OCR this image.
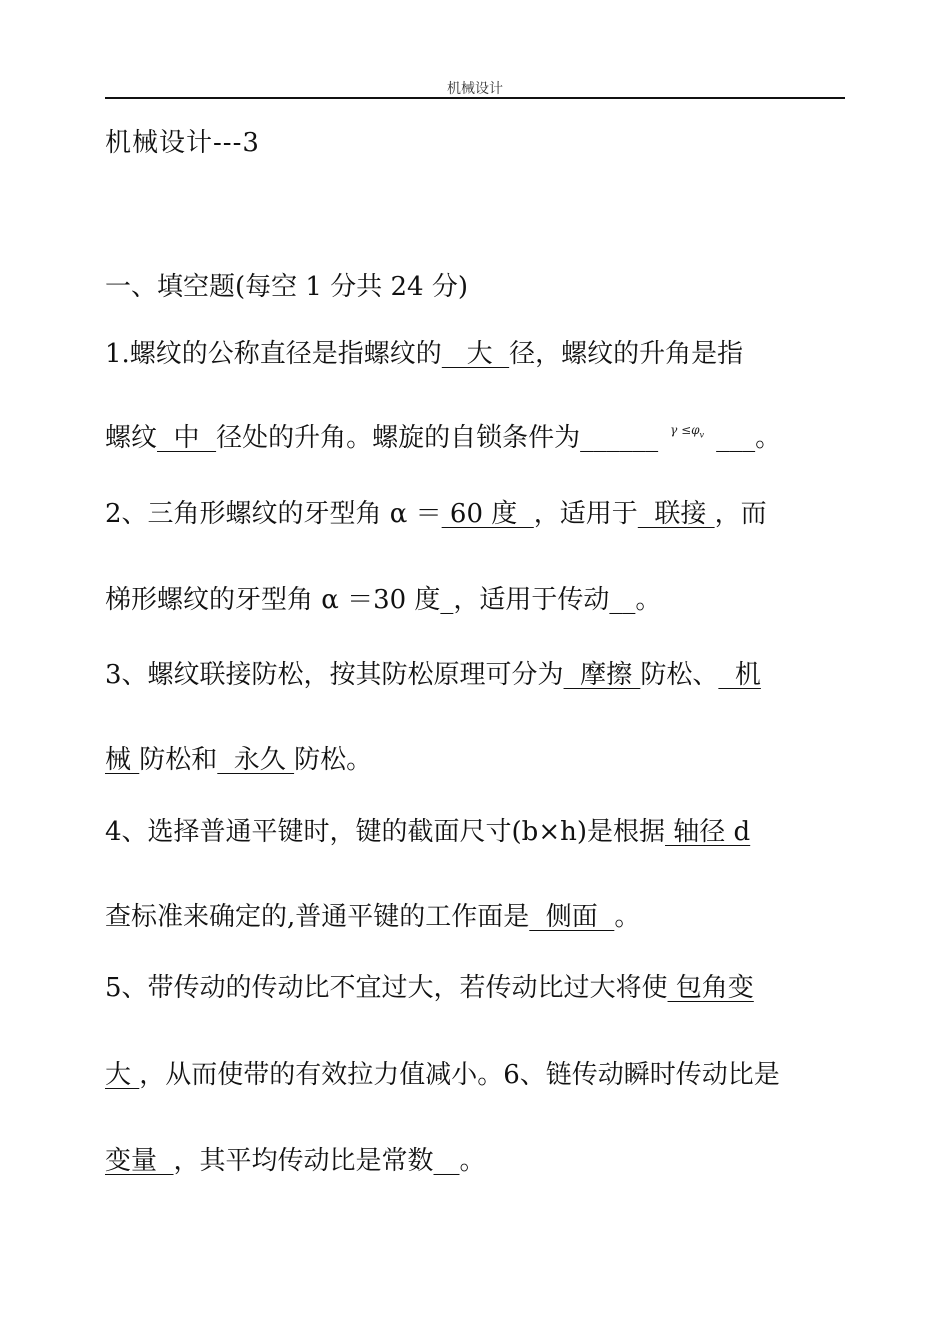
机械设计
机械设计---3
一、填空题(每空 1 分共 24 分)
1.螺纹的公称直径是指螺纹的   大  径，螺纹的升角是指
螺纹  中  径处的升角。螺旋的自锁条件为______ $\gamma \le\varphi_v$ ___。
2、三角形螺纹的牙型角 α ＝ 60 度  ，适用于  联接 ，而
梯形螺纹的牙型角 α ＝30 度_，适用于传动__。
3、螺纹联接防松，按其防松原理可分为  摩擦 防松、  机
械 防松和  永久 防松。
4、选择普通平键时，键的截面尺寸(b×h)是根据 轴径 d
查标准来确定的,普通平键的工作面是  侧面  。
5、带传动的传动比不宜过大，若传动比过大将使 包角变
大 ，从而使带的有效拉力值减小。6、链传动瞬时传动比是
变量  ，其平均传动比是常数__。
